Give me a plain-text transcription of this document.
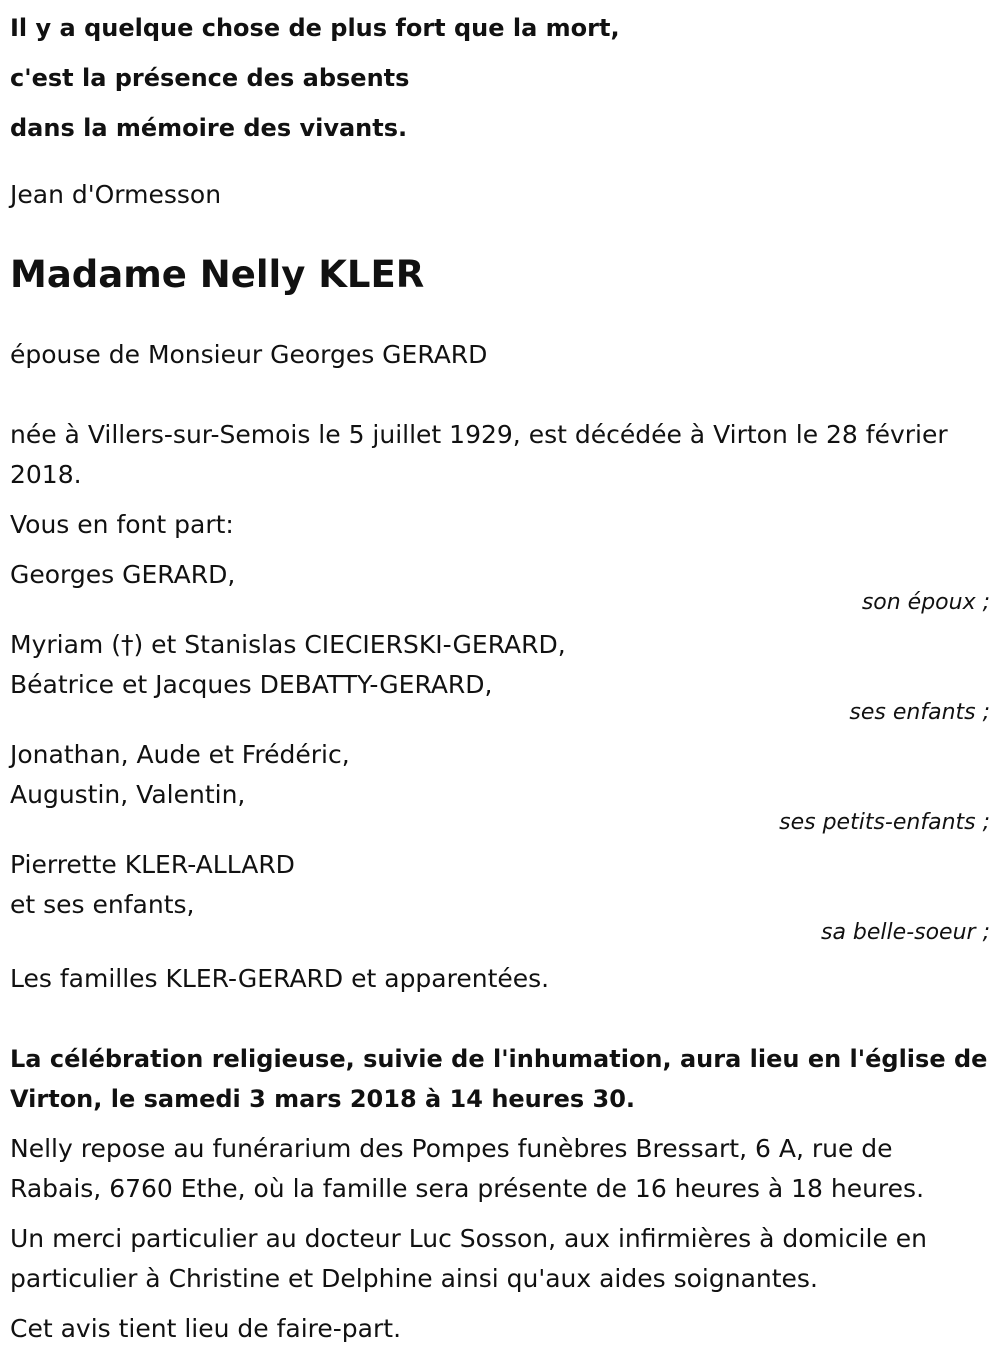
Il y a quelque chose de plus fort que la mort,
c'est la présence des absents
dans la mémoire des vivants.
Jean d'Ormesson
Madame Nelly KLER
épouse de Monsieur Georges GERARD
née à Villers-sur-Semois le 5 juillet 1929, est décédée à Virton le 28 février 2018.
Vous en font part:
Georges GERARD,
son époux ;
Myriam (†) et Stanislas CIECIERSKI-GERARD,
Béatrice et Jacques DEBATTY-GERARD,
ses enfants ;
Jonathan, Aude et Frédéric,
Augustin, Valentin,
ses petits-enfants ;
Pierrette KLER-ALLARD
et ses enfants,
sa belle-soeur ;
Les familles KLER-GERARD et apparentées.
La célébration religieuse, suivie de l'inhumation, aura lieu en l'église de Virton, le samedi 3 mars 2018 à 14 heures 30.
Nelly repose au funérarium des Pompes funèbres Bressart, 6 A, rue de Rabais, 6760 Ethe, où la famille sera présente de 16 heures à 18 heures.
Un merci particulier au docteur Luc Sosson, aux infirmières à domicile en particulier à Christine et Delphine ainsi qu'aux aides soignantes.
Cet avis tient lieu de faire-part.
